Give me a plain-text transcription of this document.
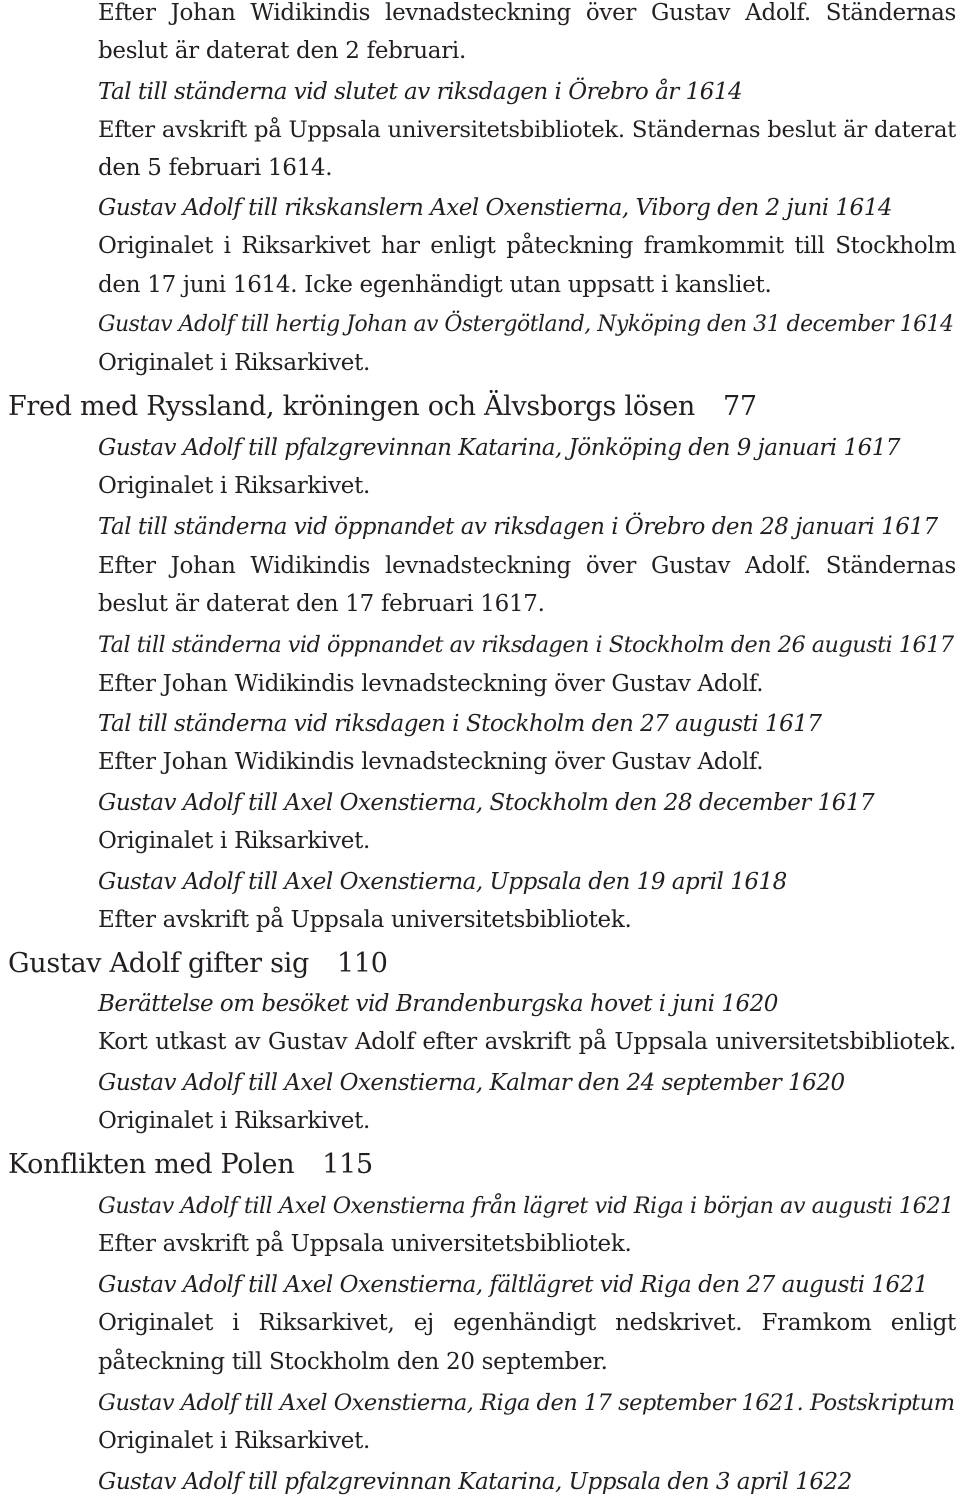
Efter Johan Widikindis levnadsteckning över Gustav Adolf. Ständernas
beslut är daterat den 2 februari.
Tal till ständerna vid slutet av riksdagen i Örebro år 1614
Efter avskrift på Uppsala universitetsbibliotek. Ständernas beslut är daterat
den 5 februari 1614.
Gustav Adolf till rikskanslern Axel Oxenstierna, Viborg den 2 juni 1614
Originalet i Riksarkivet har enligt påteckning framkommit till Stockholm
den 17 juni 1614. Icke egenhändigt utan uppsatt i kansliet.
Gustav Adolf till hertig Johan av Östergötland, Nyköping den 31 december 1614
Originalet i Riksarkivet.
Fred med Ryssland, kröningen och Älvsborgs lösen 77
Gustav Adolf till pfalzgrevinnan Katarina, Jönköping den 9 januari 1617
Originalet i Riksarkivet.
Tal till ständerna vid öppnandet av riksdagen i Örebro den 28 januari 1617
Efter Johan Widikindis levnadsteckning över Gustav Adolf. Ständernas
beslut är daterat den 17 februari 1617.
Tal till ständerna vid öppnandet av riksdagen i Stockholm den 26 augusti 1617
Efter Johan Widikindis levnadsteckning över Gustav Adolf.
Tal till ständerna vid riksdagen i Stockholm den 27 augusti 1617
Efter Johan Widikindis levnadsteckning över Gustav Adolf.
Gustav Adolf till Axel Oxenstierna, Stockholm den 28 december 1617
Originalet i Riksarkivet.
Gustav Adolf till Axel Oxenstierna, Uppsala den 19 april 1618
Efter avskrift på Uppsala universitetsbibliotek.
Gustav Adolf gifter sig 110
Berättelse om besöket vid Brandenburgska hovet i juni 1620
Kort utkast av Gustav Adolf efter avskrift på Uppsala universitetsbibliotek.
Gustav Adolf till Axel Oxenstierna, Kalmar den 24 september 1620
Originalet i Riksarkivet.
Konflikten med Polen 115
Gustav Adolf till Axel Oxenstierna från lägret vid Riga i början av augusti 1621
Efter avskrift på Uppsala universitetsbibliotek.
Gustav Adolf till Axel Oxenstierna, fältlägret vid Riga den 27 augusti 1621
Originalet i Riksarkivet, ej egenhändigt nedskrivet. Framkom enligt
påteckning till Stockholm den 20 september.
Gustav Adolf till Axel Oxenstierna, Riga den 17 september 1621. Postskriptum
Originalet i Riksarkivet.
Gustav Adolf till pfalzgrevinnan Katarina, Uppsala den 3 april 1622
